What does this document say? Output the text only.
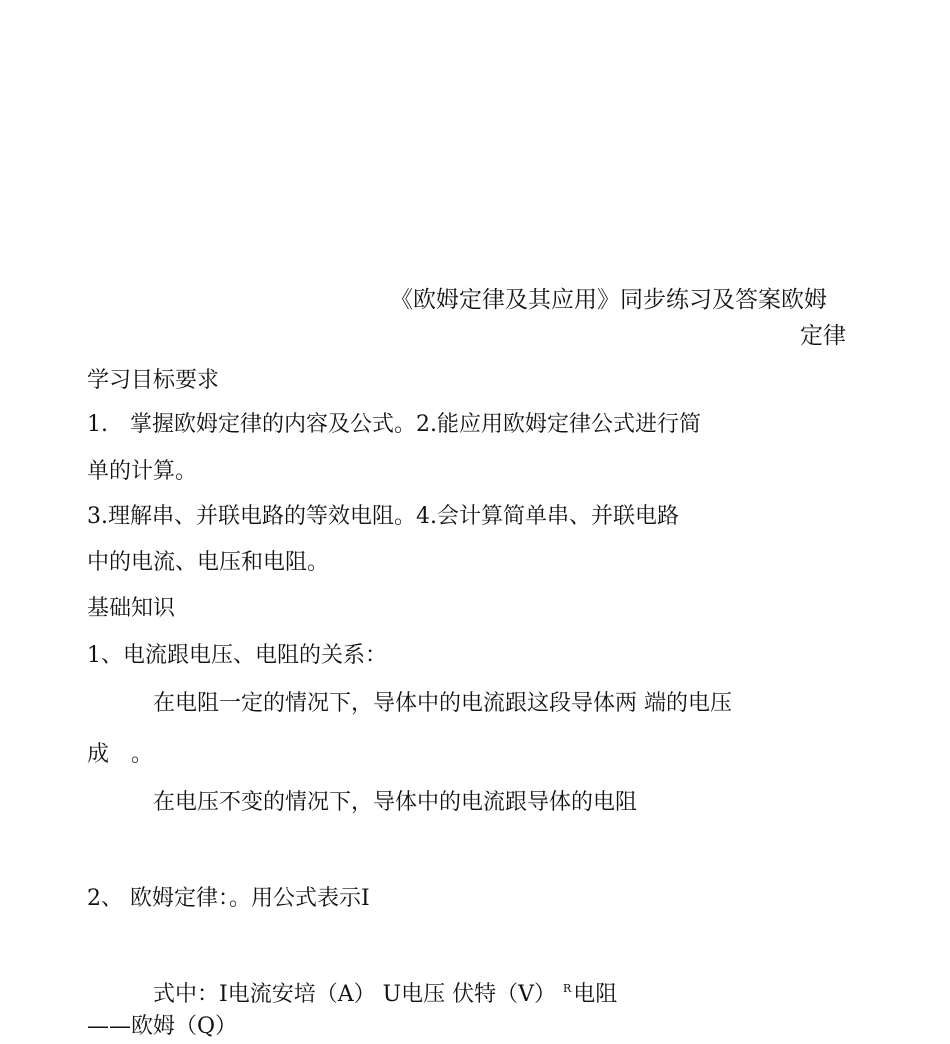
《欧姆定律及其应用》同步练习及答案欧姆
定律
学习目标要求
1.　掌握欧姆定律的内容及公式。2.能应用欧姆定律公式进行简
单的计算。
3.理解串、并联电路的等效电阻。4.会计算简单串、并联电路
中的电流、电压和电阻。
基础知识
1、电流跟电压、电阻的关系：
在电阻一定的情况下，导体中的电流跟这段导体两 端的电压
成　。
在电压不变的情况下，导体中的电流跟导体的电阻
2、 欧姆定律：。用公式表示I
式中：I电流安培（A） U电压 伏特（V） $^R$电阻
——欧姆（Q）
